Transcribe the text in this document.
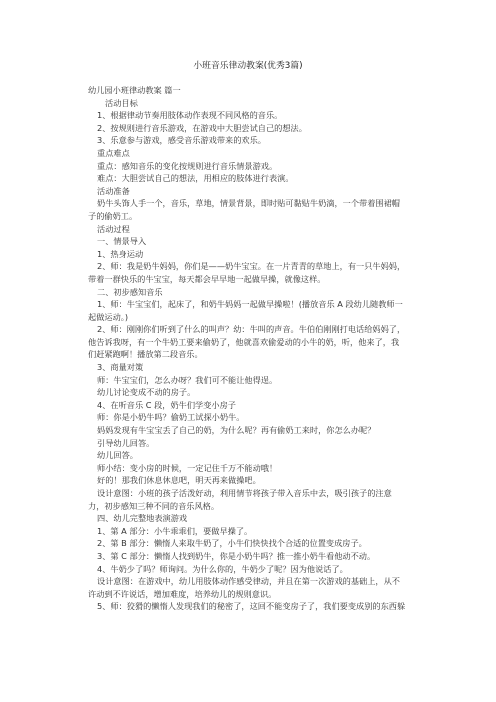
小班音乐律动教案(优秀3篇)

幼儿园小班律动教案 篇一

活动目标

1、根据律动节奏用肢体动作表现不同风格的音乐。

2、按规则进行音乐游戏，在游戏中大胆尝试自己的想法。

3、乐意参与游戏，感受音乐游戏带来的欢乐。

重点难点

重点：感知音乐的变化按规则进行音乐情景游戏。

难点：大胆尝试自己的想法，用相应的肢体进行表演。

活动准备

奶牛头饰人手一个，音乐，草地，情景背景，即时贴可黏贴牛奶滴，一个带着围裙帽子的偷奶工。

活动过程

一、情景导入

1、热身运动

2、师：我是奶牛妈妈，你们是——奶牛宝宝。在一片青青的草地上，有一只牛妈妈，带着一群快乐的牛宝宝，每天都会早早地一起做早操，就像这样。

二、初步感知音乐

1、师：牛宝宝们，起床了，和奶牛妈妈一起做早操啦！(播放音乐 A 段幼儿随教师一起做运动。)

2、师：刚刚你们听到了什么的叫声？幼：牛叫的声音。牛伯伯刚刚打电话给妈妈了，他告诉我呀，有一个牛奶工要来偷奶了，他就喜欢偷爱动的小牛的奶，听，他来了，我们赶紧跑啊！播放第二段音乐。

3、商量对策

师：牛宝宝们，怎么办呀？我们可不能让他得逞。

幼儿讨论变成不动的房子。

4、在听音乐 C 段，奶牛们学变小房子

师：你是小奶牛吗？偷奶工试探小奶牛。

妈妈发现有牛宝宝丢了自己的奶，为什么呢？再有偷奶工来时，你怎么办呢？

引导幼儿回答。

幼儿回答。

师小结：变小房的时候，一定记住千万不能动哦！

好的！那我们休息休息吧，明天再来做操吧。

设计意图：小班的孩子活泼好动，利用情节将孩子带入音乐中去，吸引孩子的注意力，初步感知三种不同的音乐风格。

四、幼儿完整地表演游戏

1、第 A 部分：小牛乖乖们，要做早操了。

2、第 B 部分：懒惰人来取牛奶了，小牛们快快找个合适的位置变成房子。

3、第 C 部分：懒惰人找到奶牛，你是小奶牛吗？推一推小奶牛看他动不动。

4、牛奶少了吗？师询问。为什么你的，牛奶少了呢？因为他说话了。

设计意图：在游戏中，幼儿用肢体动作感受律动，并且在第一次游戏的基础上，从不许动到不许说话，增加难度，培养幼儿的规则意识。

5、师：狡猾的懒惰人发现我们的秘密了，这回不能变房子了，我们要变成别的东西躲
